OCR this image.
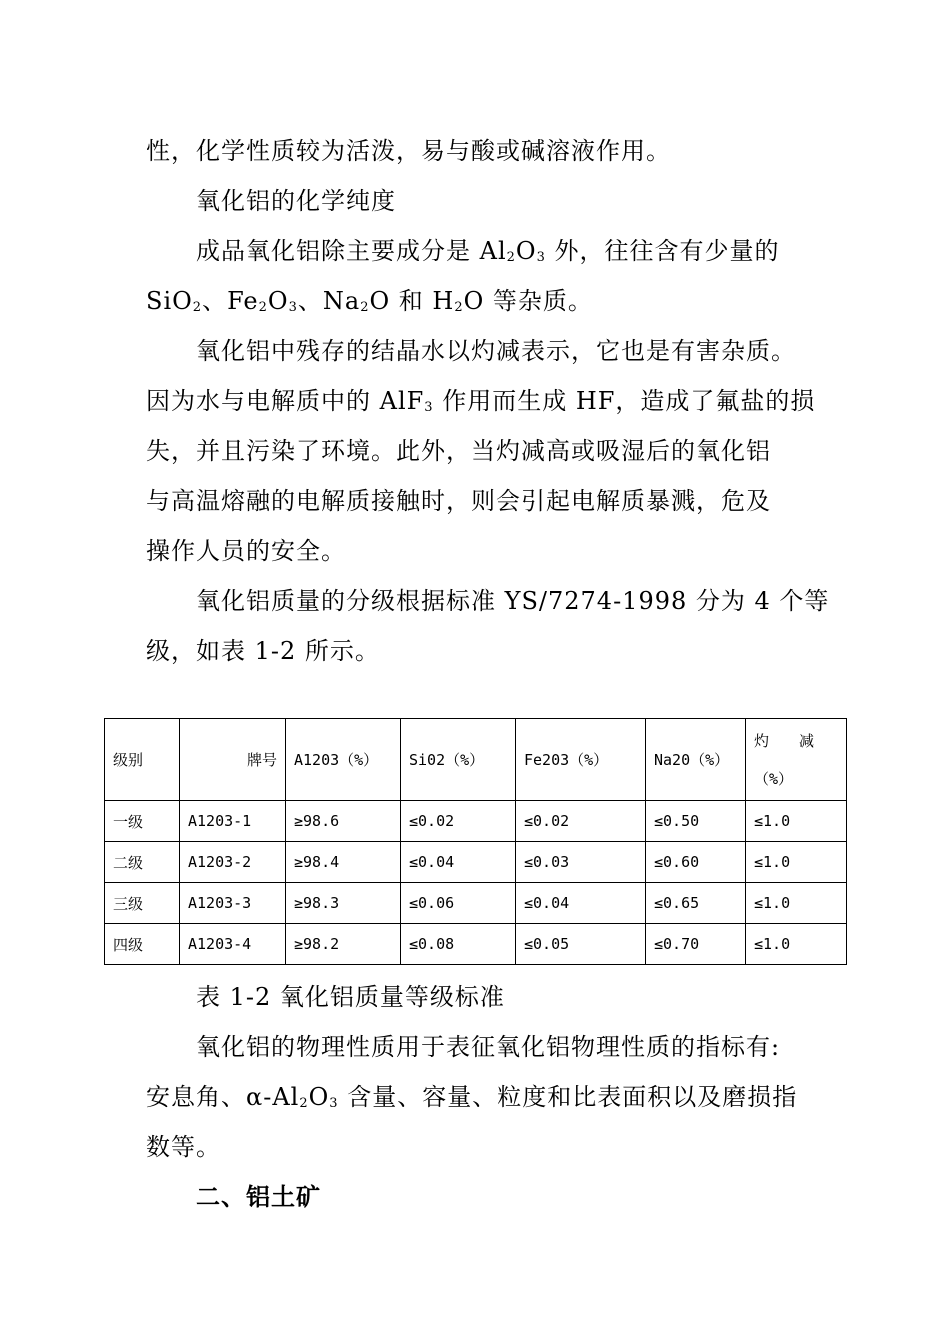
性，化学性质较为活泼，易与酸或碱溶液作用。
氧化铝的化学纯度
成品氧化铝除主要成分是 $Al_2O_3$ 外，往往含有少量的
SiO$_2$、$Fe_2O_3$、$Na_2O$ 和 $H_2O$ 等杂质。
氧化铝中残存的结晶水以灼减表示，它也是有害杂质。
因为水与电解质中的 AlF$_3$ 作用而生成 HF，造成了氟盐的损
失，并且污染了环境。此外，当灼减高或吸湿后的氧化铝
与高温熔融的电解质接触时，则会引起电解质暴溅，危及
操作人员的安全。
氧化铝质量的分级根据标准 YS/7274-1998 分为 4 个等
级，如表 1-2 所示。
级别	牌号	A1203（%）	Si02（%）	Fe203（%）	Na20（%）	灼　　减（%）
一级	A1203-1	≥98.6	≤0.02	≤0.02	≤0.50	≤1.0
二级	A1203-2	≥98.4	≤0.04	≤0.03	≤0.60	≤1.0
三级	A1203-3	≥98.3	≤0.06	≤0.04	≤0.65	≤1.0
四级	A1203-4	≥98.2	≤0.08	≤0.05	≤0.70	≤1.0
表 1-2 氧化铝质量等级标准
氧化铝的物理性质用于表征氧化铝物理性质的指标有:
安息角、$\alpha-Al_2O_3$ 含量、容量、粒度和比表面积以及磨损指
数等。
二、铝土矿
